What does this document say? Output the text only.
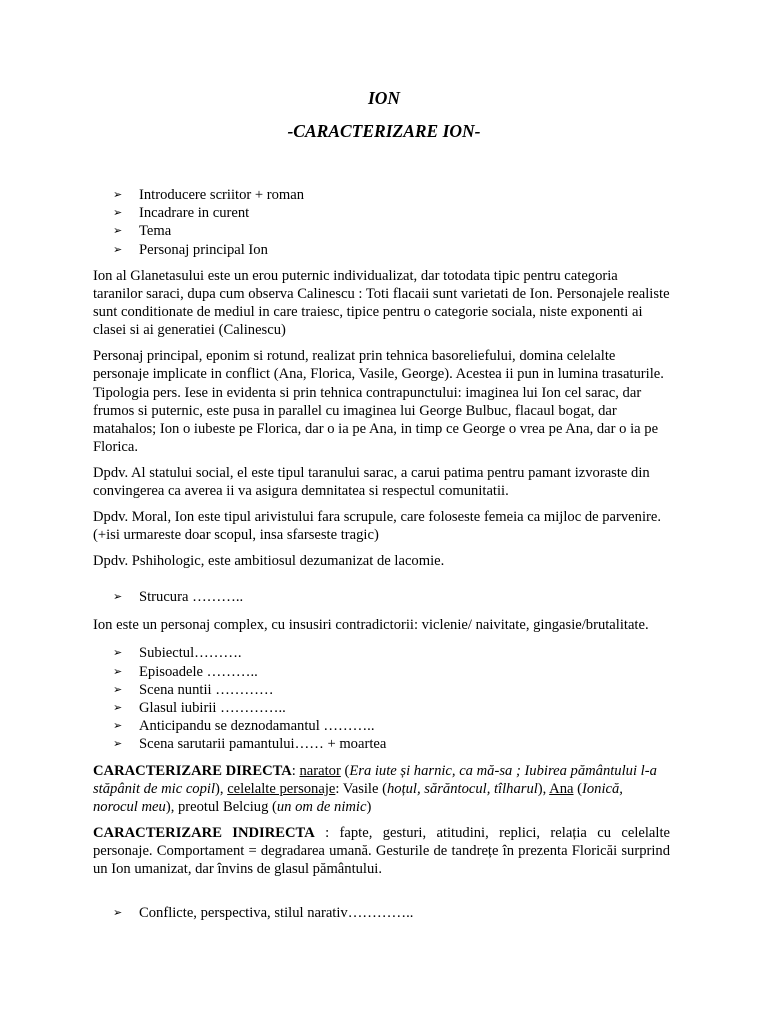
ION
-CARACTERIZARE ION-
➢ Introducere scriitor + roman
➢ Incadrare in curent
➢ Tema
➢ Personaj principal Ion

Ion al Glanetasului este un erou puternic individualizat, dar totodata tipic pentru categoria taranilor saraci, dupa cum observa Calinescu : Toti flacaii sunt varietati de Ion. Personajele realiste sunt conditionate de mediul in care traiesc, tipice pentru o categorie sociala, niste exponenti ai clasei si ai generatiei (Calinescu)

Personaj principal, eponim si rotund, realizat prin tehnica basoreliefului, domina celelalte personaje implicate in conflict (Ana, Florica, Vasile, George). Acestea ii pun in lumina trasaturile. Tipologia pers. Iese in evidenta si prin tehnica contrapunctului: imaginea lui Ion cel sarac, dar frumos si puternic, este pusa in parallel cu imaginea lui George Bulbuc, flacaul bogat, dar matahalos; Ion o iubeste pe Florica, dar o ia pe Ana, in timp ce George o vrea pe Ana, dar o ia pe Florica.

Dpdv. Al statului social, el este tipul taranului sarac, a carui patima pentru pamant izvoraste din convingerea ca averea ii va asigura demnitatea si respectul comunitatii.

Dpdv. Moral, Ion este tipul arivistului fara scrupule, care foloseste femeia ca mijloc de parvenire. (+isi urmareste doar scopul, insa sfarseste tragic)

Dpdv. Pshihologic, este ambitiosul dezumanizat de lacomie.

➢ Strucura ………..

Ion este un personaj complex, cu insusiri contradictorii: viclenie/ naivitate, gingasie/brutalitate.

➢ Subiectul……….
➢ Episoadele ………..
➢ Scena nuntii …………
➢ Glasul iubirii …………..
➢ Anticipandu se deznodamantul ………..
➢ Scena sarutarii pamantului…… + moartea

CARACTERIZARE DIRECTA: narator (Era iute și harnic, ca mă-sa ; Iubirea pământului l-a stăpânit de mic copil), celelalte personaje: Vasile (hoțul, sărăntocul, tîlharul), Ana (Ionică, norocul meu), preotul Belciug (un om de nimic)

CARACTERIZARE INDIRECTA : fapte, gesturi, atitudini, replici, relația cu celelalte personaje. Comportament = degradarea umană. Gesturile de tandrețe în prezenta Floricăi surprind un Ion umanizat, dar învins de glasul pământului.

➢ Conflicte, perspectiva, stilul narativ…………..
